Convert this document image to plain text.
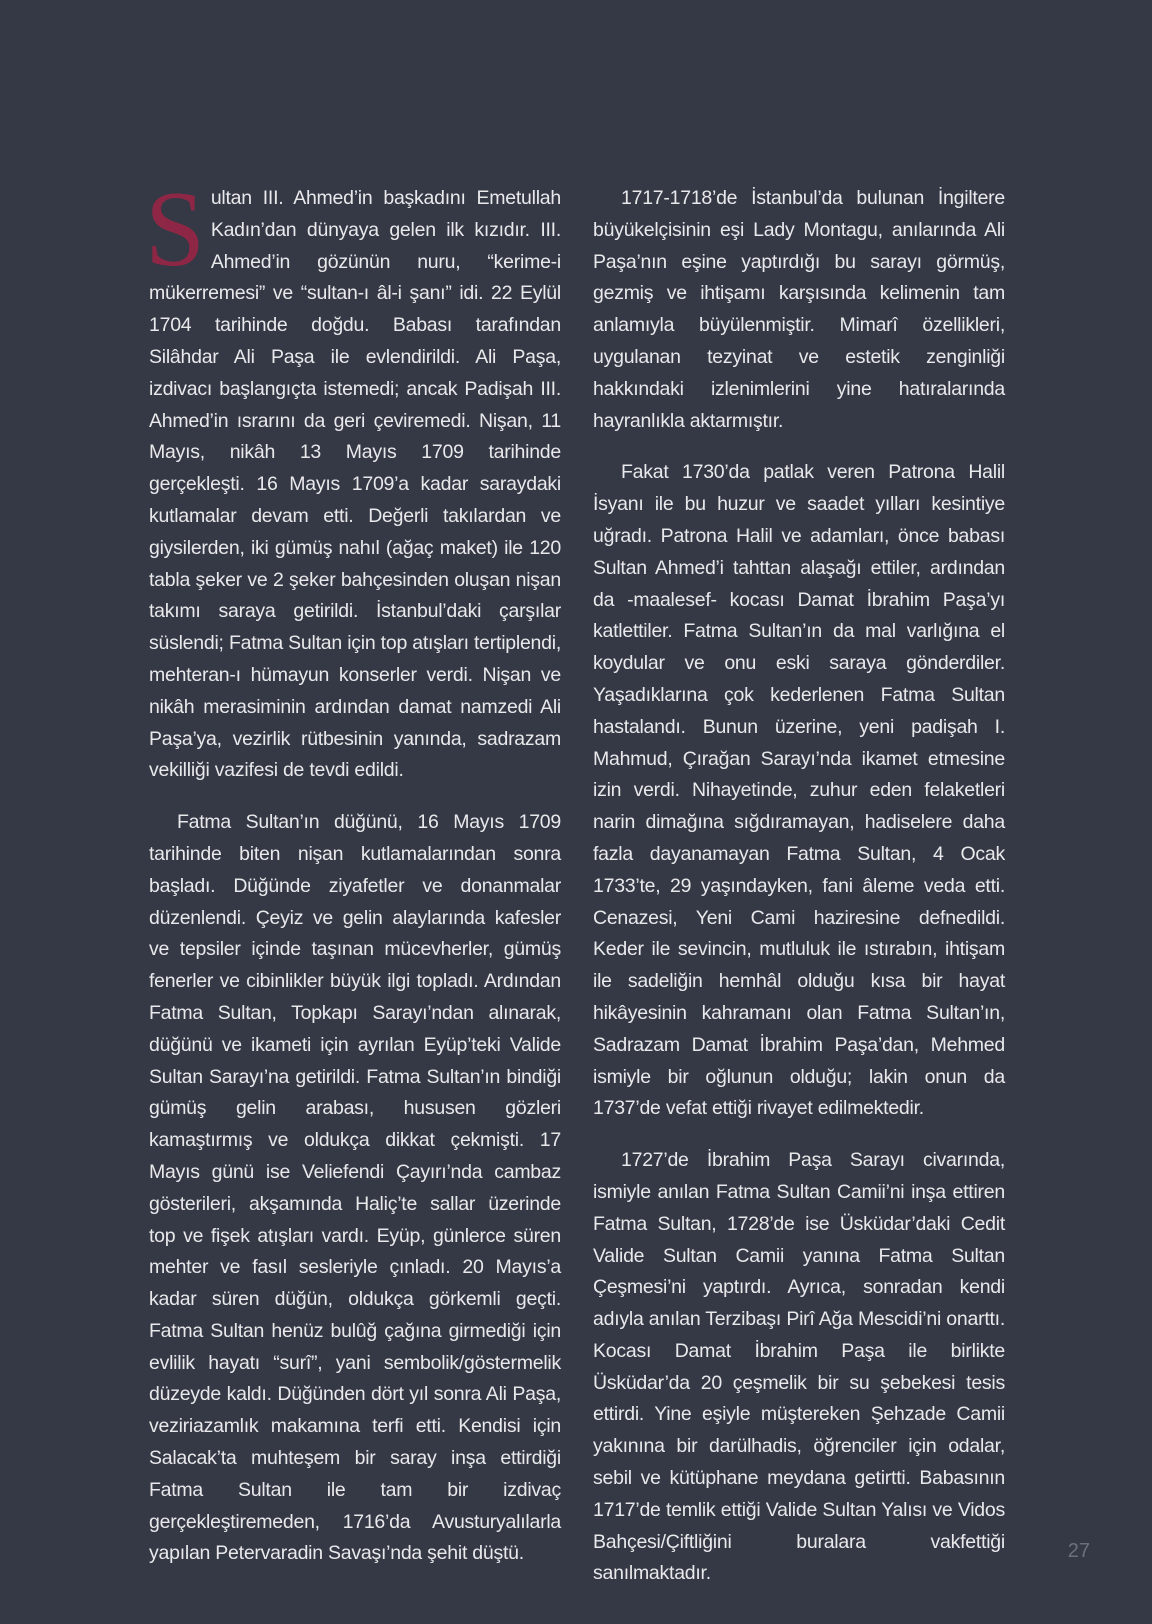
Sultan III. Ahmed’in başkadını Emetullah Kadın’dan dünyaya gelen ilk kızıdır. III. Ahmed’in gözünün nuru, “kerime-i mükerremesi” ve “sultan-ı âl-i şanı” idi. 22 Eylül 1704 tarihinde doğdu. Babası tarafından Silâhdar Ali Paşa ile evlendirildi. Ali Paşa, izdivacı başlangıçta istemedi; ancak Padişah III. Ahmed’in ısrarını da geri çeviremedi. Nişan, 11 Mayıs, nikâh 13 Mayıs 1709 tarihinde gerçekleşti. 16 Mayıs 1709’a kadar saraydaki kutlamalar devam etti. Değerli takılardan ve giysilerden, iki gümüş nahıl (ağaç maket) ile 120 tabla şeker ve 2 şeker bahçesinden oluşan nişan takımı saraya getirildi. İstanbul’daki çarşılar süslendi; Fatma Sultan için top atışları tertiplendi, mehteran-ı hümayun konserler verdi. Nişan ve nikâh merasiminin ardından damat namzedi Ali Paşa’ya, vezirlik rütbesinin yanında, sadrazam vekilliği vazifesi de tevdi edildi.

Fatma Sultan’ın düğünü, 16 Mayıs 1709 tarihinde biten nişan kutlamalarından sonra başladı. Düğünde ziyafetler ve donanmalar düzenlendi. Çeyiz ve gelin alaylarında kafesler ve tepsiler içinde taşınan mücevherler, gümüş fenerler ve cibinlikler büyük ilgi topladı. Ardından Fatma Sultan, Topkapı Sarayı’ndan alınarak, düğünü ve ikameti için ayrılan Eyüp’teki Valide Sultan Sarayı’na getirildi. Fatma Sultan’ın bindiği gümüş gelin arabası, hususen gözleri kamaştırmış ve oldukça dikkat çekmişti. 17 Mayıs günü ise Veliefendi Çayırı’nda cambaz gösterileri, akşamında Haliç’te sallar üzerinde top ve fişek atışları vardı. Eyüp, günlerce süren mehter ve fasıl sesleriyle çınladı. 20 Mayıs’a kadar süren düğün, oldukça görkemli geçti. Fatma Sultan henüz bulûğ çağına girmediği için evlilik hayatı “surî”, yani sembolik/göstermelik düzeyde kaldı. Düğünden dört yıl sonra Ali Paşa, veziriazamlık makamına terfi etti. Kendisi için Salacak’ta muhteşem bir saray inşa ettirdiği Fatma Sultan ile tam bir izdivaç gerçekleştiremeden, 1716’da Avusturyalılarla yapılan Petervaradin Savaşı’nda şehit düştü.

1717-1718’de İstanbul’da bulunan İngiltere büyükelçisinin eşi Lady Montagu, anılarında Ali Paşa’nın eşine yaptırdığı bu sarayı görmüş, gezmiş ve ihtişamı karşısında kelimenin tam anlamıyla büyülenmiştir. Mimarî özellikleri, uygulanan tezyinat ve estetik zenginliği hakkındaki izlenimlerini yine hatıralarında hayranlıkla aktarmıştır.

Fakat 1730’da patlak veren Patrona Halil İsyanı ile bu huzur ve saadet yılları kesintiye uğradı. Patrona Halil ve adamları, önce babası Sultan Ahmed’i tahttan alaşağı ettiler, ardından da -maalesef- kocası Damat İbrahim Paşa’yı katlettiler. Fatma Sultan’ın da mal varlığına el koydular ve onu eski saraya gönderdiler. Yaşadıklarına çok kederlenen Fatma Sultan hastalandı. Bunun üzerine, yeni padişah I. Mahmud, Çırağan Sarayı’nda ikamet etmesine izin verdi. Nihayetinde, zuhur eden felaketleri narin dimağına sığdıramayan, hadiselere daha fazla dayanamayan Fatma Sultan, 4 Ocak 1733’te, 29 yaşındayken, fani âleme veda etti. Cenazesi, Yeni Cami haziresine defnedildi. Keder ile sevincin, mutluluk ile ıstırabın, ihtişam ile sadeliğin hemhâl olduğu kısa bir hayat hikâyesinin kahramanı olan Fatma Sultan’ın, Sadrazam Damat İbrahim Paşa’dan, Mehmed ismiyle bir oğlunun olduğu; lakin onun da 1737’de vefat ettiği rivayet edilmektedir.

1727’de İbrahim Paşa Sarayı civarında, ismiyle anılan Fatma Sultan Camii’ni inşa ettiren Fatma Sultan, 1728’de ise Üsküdar’daki Cedit Valide Sultan Camii yanına Fatma Sultan Çeşmesi’ni yaptırdı. Ayrıca, sonradan kendi adıyla anılan Terzibaşı Pirî Ağa Mescidi’ni onarttı. Kocası Damat İbrahim Paşa ile birlikte Üsküdar’da 20 çeşmelik bir su şebekesi tesis ettirdi. Yine eşiyle müştereken Şehzade Camii yakınına bir darülhadis, öğrenciler için odalar, sebil ve kütüphane meydana getirtti. Babasının 1717’de temlik ettiği Valide Sultan Yalısı ve Vidos Bahçesi/Çiftliğini buralara vakfettiği sanılmaktadır.

27
